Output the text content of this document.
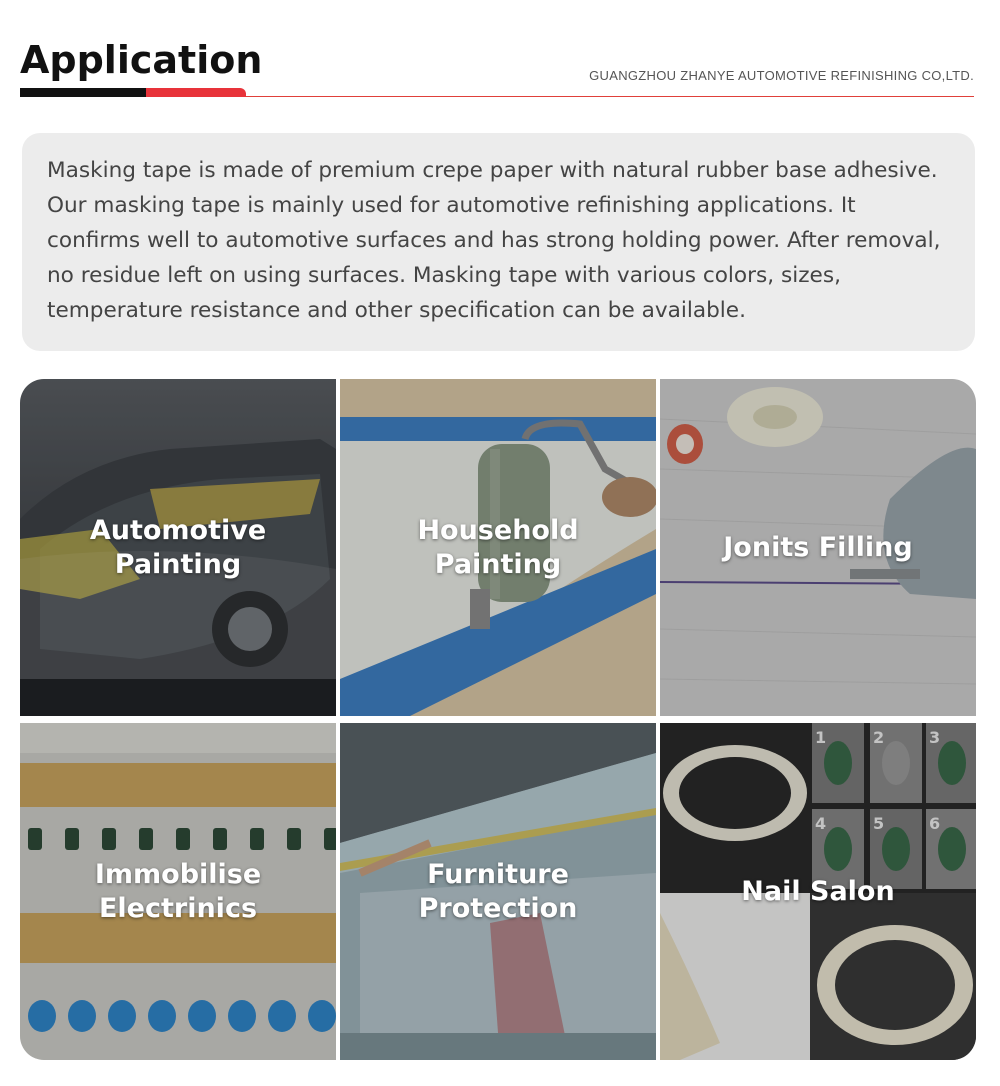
Application	GUANGZHOU ZHANYE AUTOMOTIVE REFINISHING CO,LTD.

Masking tape is made of premium crepe paper with natural rubber base adhesive. Our masking tape is mainly used for automotive refinishing applications. It confirms well to automotive surfaces and has strong holding power. After removal, no residue left on using surfaces. Masking tape with various colors, sizes, temperature resistance and other specification can be available.

Automotive
Painting
Household
Painting
Jonits Filling
Immobilise
Electrinics
Furniture
Protection
1	2	3
4	5	6
Nail Salon
